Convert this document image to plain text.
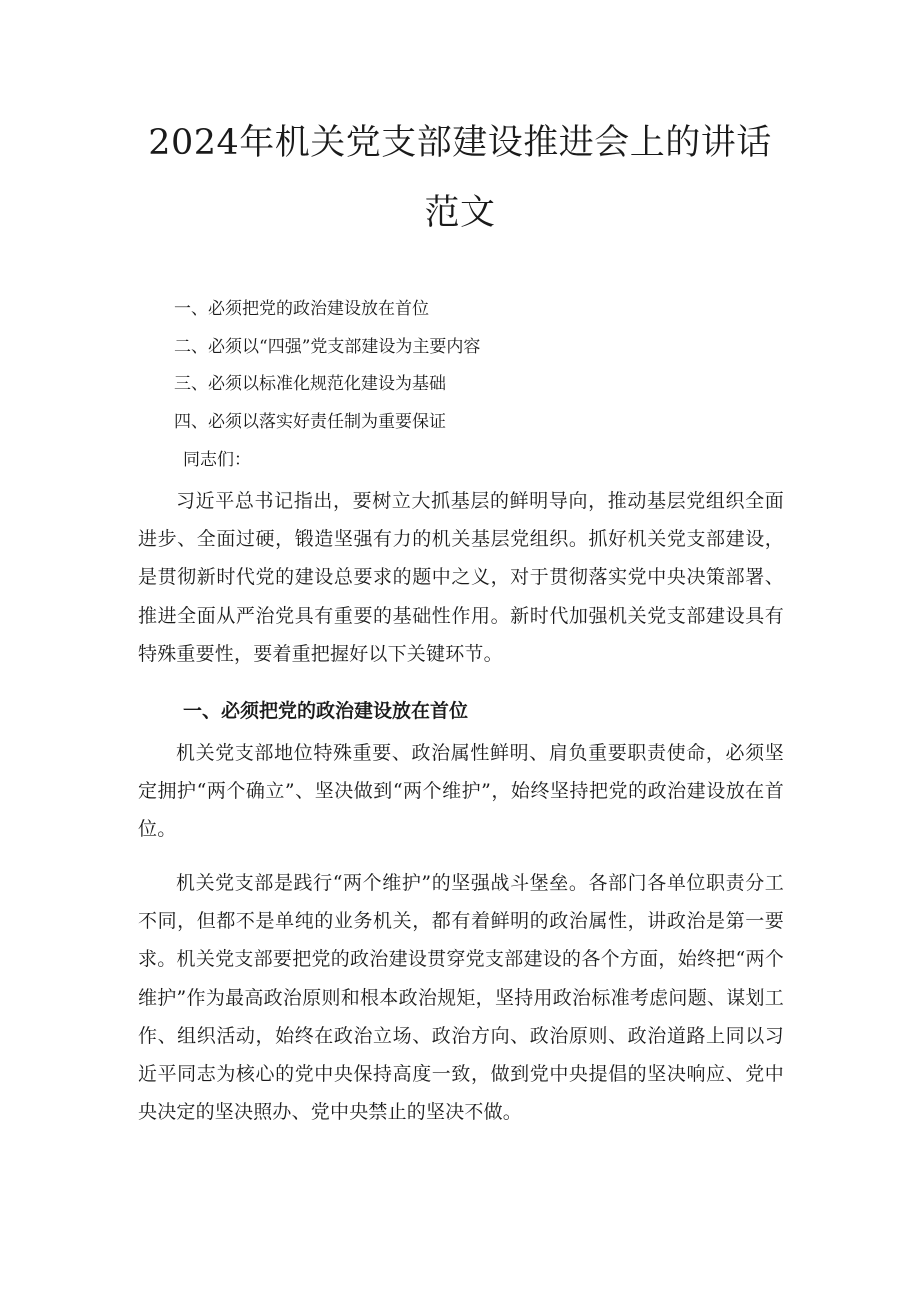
2024年机关党支部建设推进会上的讲话范文
一、必须把党的政治建设放在首位
二、必须以“四强”党支部建设为主要内容
三、必须以标准化规范化建设为基础
四、必须以落实好责任制为重要保证
同志们：

习近平总书记指出，要树立大抓基层的鲜明导向，推动基层党组织全面进步、全面过硬，锻造坚强有力的机关基层党组织。抓好机关党支部建设，是贯彻新时代党的建设总要求的题中之义，对于贯彻落实党中央决策部署、推进全面从严治党具有重要的基础性作用。新时代加强机关党支部建设具有特殊重要性，要着重把握好以下关键环节。

一、必须把党的政治建设放在首位

机关党支部地位特殊重要、政治属性鲜明、肩负重要职责使命，必须坚定拥护“两个确立”、坚决做到“两个维护”，始终坚持把党的政治建设放在首位。

机关党支部是践行“两个维护”的坚强战斗堡垒。各部门各单位职责分工不同，但都不是单纯的业务机关，都有着鲜明的政治属性，讲政治是第一要求。机关党支部要把党的政治建设贯穿党支部建设的各个方面，始终把“两个维护”作为最高政治原则和根本政治规矩，坚持用政治标准考虑问题、谋划工作、组织活动，始终在政治立场、政治方向、政治原则、政治道路上同以习近平同志为核心的党中央保持高度一致，做到党中央提倡的坚决响应、党中央决定的坚决照办、党中央禁止的坚决不做。
